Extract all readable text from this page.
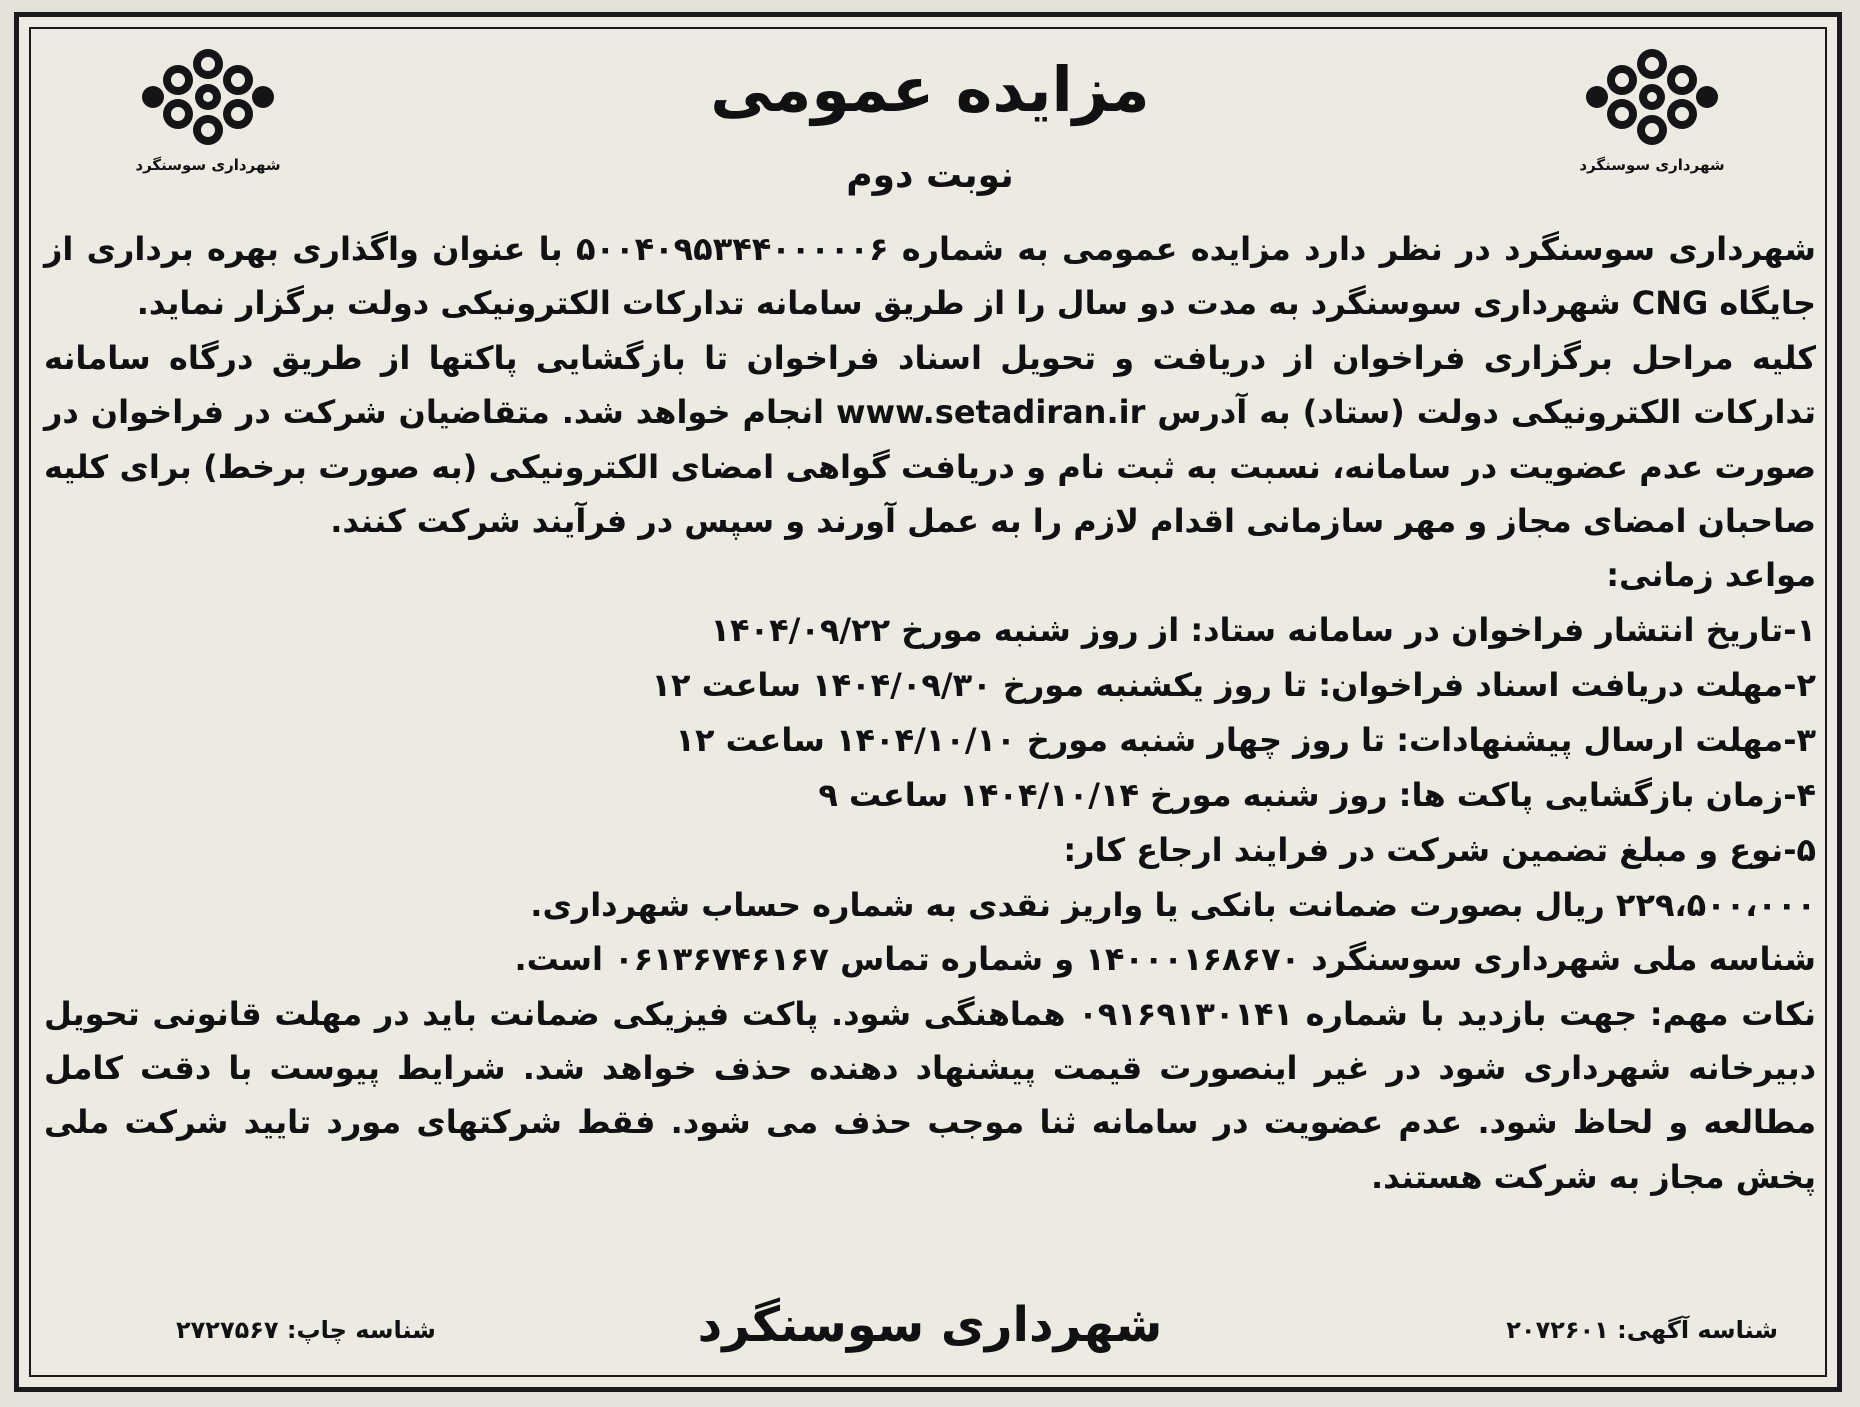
شهرداری سوسنگرد	شهرداری سوسنگرد
مزایده عمومی
نوبت دوم

شهرداری سوسنگرد در نظر دارد مزایده عمومی به شماره ۵۰۰۴۰۹۵۳۴۴۰۰۰۰۰۶ با عنوان واگذاری بهره برداری از جایگاه CNG شهرداری سوسنگرد به مدت دو سال را از طریق سامانه تدارکات الکترونیکی دولت برگزار نماید.

کلیه مراحل برگزاری فراخوان از دریافت و تحویل اسناد فراخوان تا بازگشایی پاکتها از طریق درگاه سامانه تدارکات الکترونیکی دولت (ستاد) به آدرس www.setadiran.ir انجام خواهد شد. متقاضیان شرکت در فراخوان در صورت عدم عضویت در سامانه، نسبت به ثبت نام و دریافت گواهی امضای الکترونیکی (به صورت برخط) برای کلیه صاحبان امضای مجاز و مهر سازمانی اقدام لازم را به عمل آورند و سپس در فرآیند شرکت کنند.

مواعد زمانی:

۱-تاریخ انتشار فراخوان در سامانه ستاد: از روز شنبه مورخ ۱۴۰۴/۰۹/۲۲

۲-مهلت دریافت اسناد فراخوان: تا روز یکشنبه مورخ ۱۴۰۴/۰۹/۳۰ ساعت ۱۲

۳-مهلت ارسال پیشنهادات: تا روز چهار شنبه مورخ ۱۴۰۴/۱۰/۱۰ ساعت ۱۲

۴-زمان بازگشایی پاکت ها: روز شنبه مورخ ۱۴۰۴/۱۰/۱۴ ساعت ۹

۵-نوع و مبلغ تضمین شرکت در فرایند ارجاع کار:

۲۲۹،۵۰۰،۰۰۰ ریال بصورت ضمانت بانکی یا واریز نقدی به شماره حساب شهرداری.

شناسه ملی شهرداری سوسنگرد ۱۴۰۰۰۱۶۸۶۷۰ و شماره تماس ۰۶۱۳۶۷۴۶۱۶۷ است.

نکات مهم: جهت بازدید با شماره ۰۹۱۶۹۱۳۰۱۴۱ هماهنگی شود. پاکت فیزیکی ضمانت باید در مهلت قانونی تحویل دبیرخانه شهرداری شود در غیر اینصورت قیمت پیشنهاد دهنده حذف خواهد شد. شرایط پیوست با دقت کامل مطالعه و لحاظ شود. عدم عضویت در سامانه ثنا موجب حذف می شود. فقط شرکتهای مورد تایید شرکت ملی پخش مجاز به شرکت هستند.

شهرداری سوسنگرد
شناسه چاپ: ۲۷۲۷۵۶۷	شناسه آگهی: ۲۰۷۲۶۰۱
